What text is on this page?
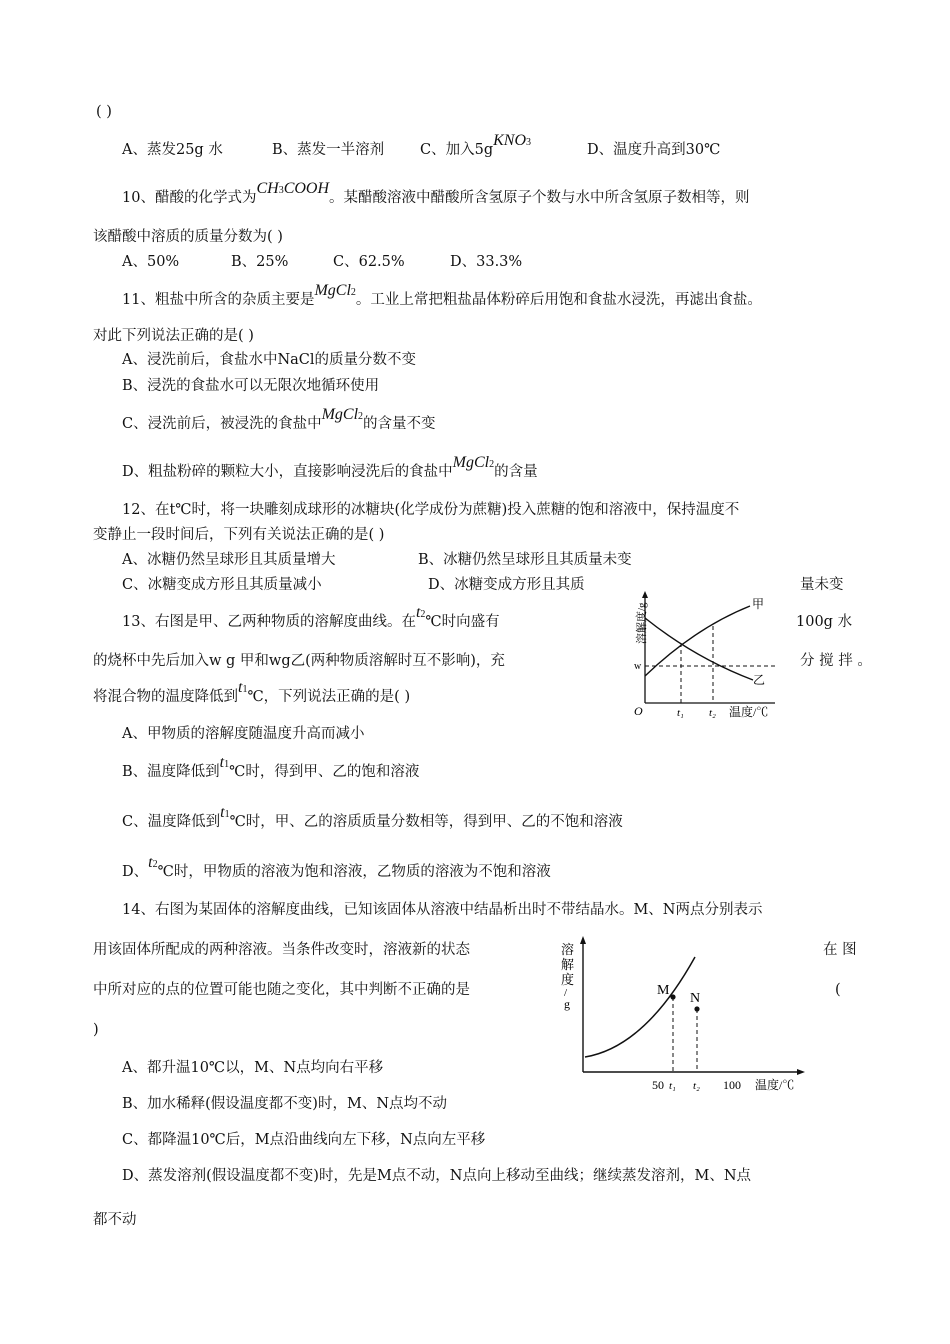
( )
A、蒸发25g 水	B、蒸发一半溶剂 C、加入5gKNO3	D、温度升高到30℃
10、醋酸的化学式为CH3COOH。某醋酸溶液中醋酸所含氢原子个数与水中所含氢原子数相等，则
该醋酸中溶质的质量分数为( )
A、50%	B、25%	C、62.5%	D、33.3%
11、粗盐中所含的杂质主要是MgCl2。工业上常把粗盐晶体粉碎后用饱和食盐水浸洗，再滤出食盐。
对此下列说法正确的是( )
A、浸洗前后，食盐水中NaCl的质量分数不变
B、浸洗的食盐水可以无限次地循环使用
C、浸洗前后，被浸洗的食盐中MgCl2的含量不变
D、粗盐粉碎的颗粒大小，直接影响浸洗后的食盐中MgCl2的含量
12、在t℃时，将一块雕刻成球形的冰糖块(化学成份为蔗糖)投入蔗糖的饱和溶液中，保持温度不
变静止一段时间后，下列有关说法正确的是( )
A、冰糖仍然呈球形且其质量增大	B、冰糖仍然呈球形且其质量未变
C、冰糖变成方形且其质量减小	D、冰糖变成方形且其质	量未变
13、右图是甲、乙两种物质的溶解度曲线。在t2℃时向盛有	100g 水
的烧杯中先后加入w g 甲和wg乙(两种物质溶解时互不影响)，充	分 搅 拌 。
将混合物的温度降低到t1℃，下列说法正确的是( )
A、甲物质的溶解度随温度升高而减小
B、温度降低到t1℃时，得到甲、乙的饱和溶液
C、温度降低到t1℃时，甲、乙的溶质质量分数相等，得到甲、乙的不饱和溶液
D、t2℃时，甲物质的溶液为饱和溶液，乙物质的溶液为不饱和溶液
溶解度/g
w
O	t₁ t₂ 温度/℃
甲
乙
14、右图为某固体的溶解度曲线，已知该固体从溶液中结晶析出时不带结晶水。M、N两点分别表示
用该固体所配成的两种溶液。当条件改变时，溶液新的状态	在 图
中所对应的点的位置可能也随之变化，其中判断不正确的是	(
)
A、都升温10℃以，M、N点均向右平移
B、加水稀释(假设温度都不变)时，M、N点均不动
C、都降温10℃后，M点沿曲线向左下移，N点向左平移
D、蒸发溶剂(假设温度都不变)时，先是M点不动，N点向上移动至曲线；继续蒸发溶剂，M、N点
都不动
溶
解
度
/
g
M
N
50 t₁ t₂ 100 温度/℃
